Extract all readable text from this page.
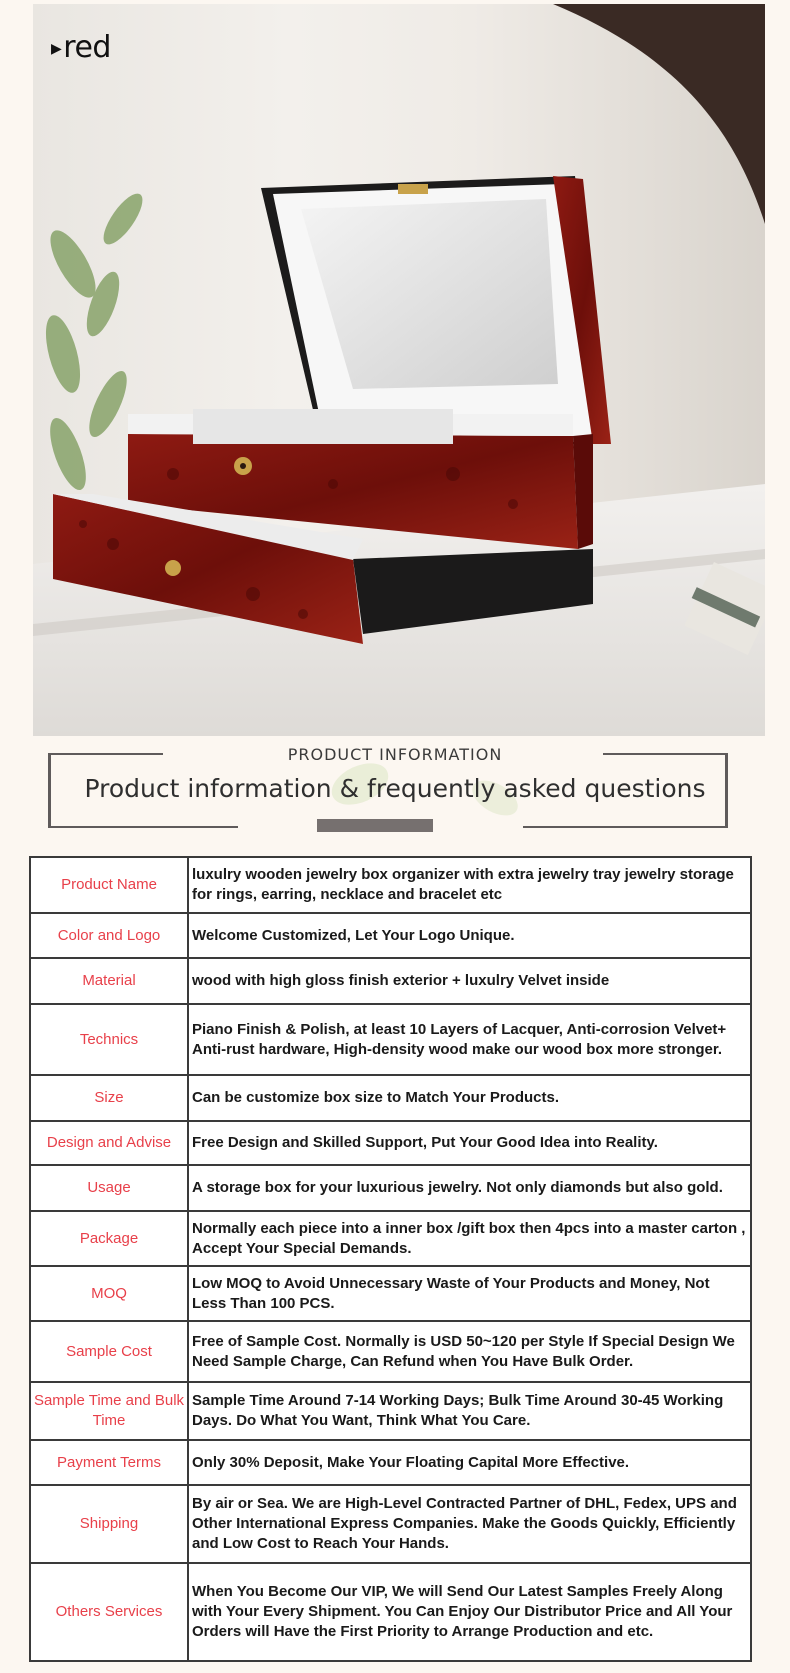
▶red
PRODUCT INFORMATION
Product information & frequently asked questions
Product Name	luxulry wooden jewelry box organizer with extra jewelry tray jewelry storage for rings, earring, necklace and bracelet etc
Color and Logo	Welcome Customized, Let Your Logo Unique.
Material	wood with high gloss finish exterior + luxulry Velvet inside
Technics	Piano Finish & Polish, at least 10 Layers of Lacquer, Anti-corrosion Velvet+ Anti-rust hardware, High-density wood make our wood box more stronger.
Size	Can be customize box size to Match Your Products.
Design and Advise	Free Design and Skilled Support, Put Your Good Idea into Reality.
Usage	A storage box for your luxurious jewelry. Not only diamonds but also gold.
Package	Normally each piece into a inner box /gift box then 4pcs into a master carton , Accept Your Special Demands.
MOQ	Low MOQ to Avoid Unnecessary Waste of Your Products and Money, Not Less Than 100 PCS.
Sample Cost	Free of Sample Cost. Normally is USD 50~120 per Style If Special Design We Need Sample Charge, Can Refund when You Have Bulk Order.
Sample Time and Bulk Time	Sample Time Around 7-14 Working Days; Bulk Time Around 30-45 Working Days. Do What You Want, Think What You Care.
Payment Terms	Only 30% Deposit, Make Your Floating Capital More Effective.
Shipping	By air or Sea. We are High-Level Contracted Partner of DHL, Fedex, UPS and Other International Express Companies. Make the Goods Quickly, Efficiently and Low Cost to Reach Your Hands.
Others Services	When You Become Our VIP, We will Send Our Latest Samples Freely Along with Your Every Shipment. You Can Enjoy Our Distributor Price and All Your Orders will Have the First Priority to Arrange Production and etc.
